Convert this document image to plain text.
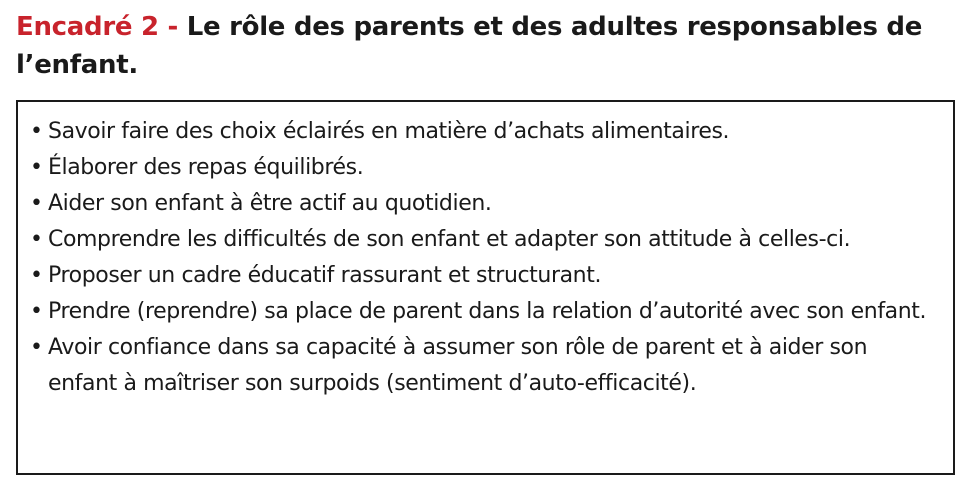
Encadré 2 - Le rôle des parents et des adultes responsables de l’enfant.
• Savoir faire des choix éclairés en matière d’achats alimentaires.
• Élaborer des repas équilibrés.
• Aider son enfant à être actif au quotidien.
• Comprendre les difficultés de son enfant et adapter son attitude à celles-ci.
• Proposer un cadre éducatif rassurant et structurant.
• Prendre (reprendre) sa place de parent dans la relation d’autorité avec son enfant.
• Avoir confiance dans sa capacité à assumer son rôle de parent et à aider son enfant à maîtriser son surpoids (sentiment d’auto-efficacité).
